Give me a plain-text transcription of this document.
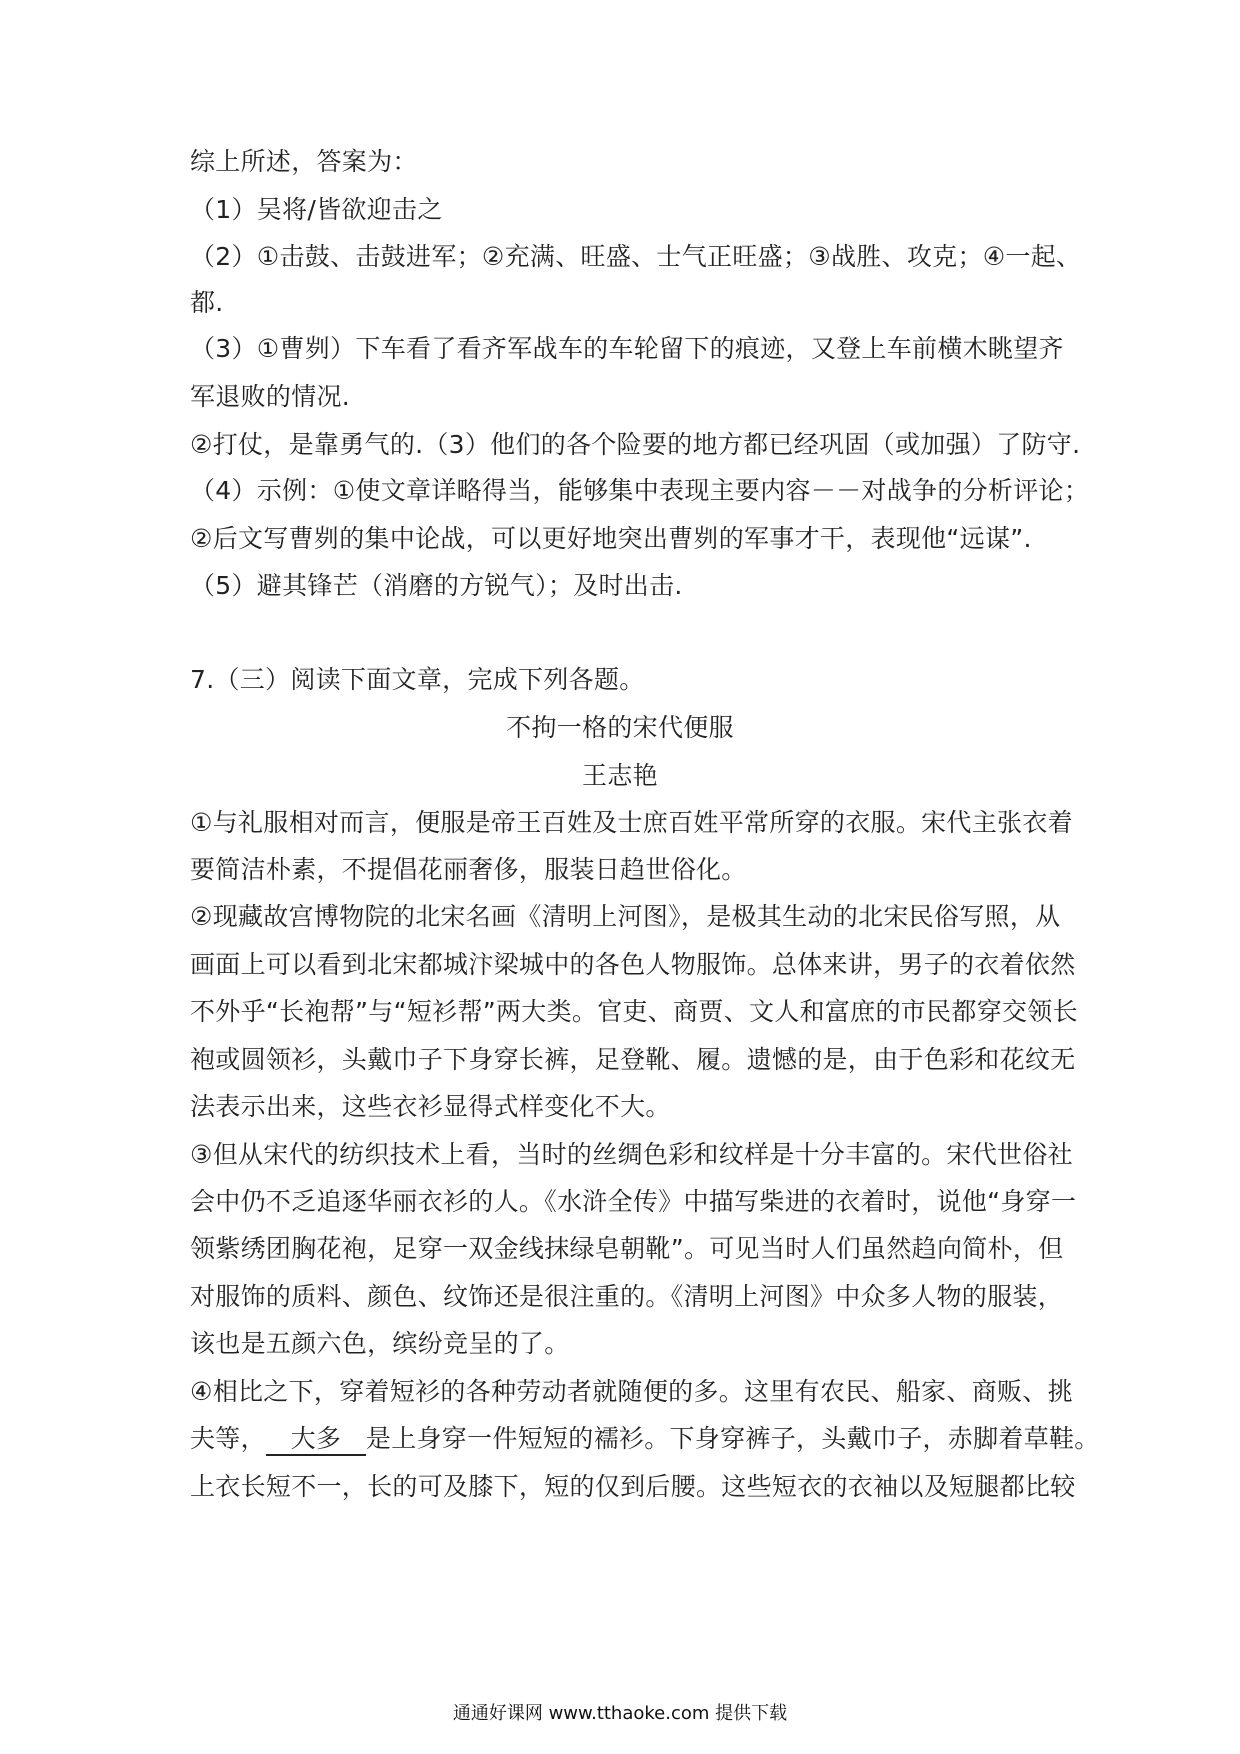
综上所述，答案为：
（1）吴将/皆欲迎击之
（2）①击鼓、击鼓进军；②充满、旺盛、士气正旺盛；③战胜、攻克；④一起、
都.
（3）①曹刿）下车看了看齐军战车的车轮留下的痕迹，又登上车前横木眺望齐
军退败的情况.
②打仗，是靠勇气的.（3）他们的各个险要的地方都已经巩固（或加强）了防守.
（4）示例：①使文章详略得当，能够集中表现主要内容－－对战争的分析评论；
②后文写曹刿的集中论战，可以更好地突出曹刿的军事才干，表现他“远谋”.
（5）避其锋芒（消磨的方锐气）；及时出击.
7.（三）阅读下面文章，完成下列各题。
不拘一格的宋代便服
王志艳
①与礼服相对而言，便服是帝王百姓及士庶百姓平常所穿的衣服。宋代主张衣着
要简洁朴素，不提倡花丽奢侈，服装日趋世俗化。
②现藏故宫博物院的北宋名画《清明上河图》，是极其生动的北宋民俗写照，从
画面上可以看到北宋都城汴梁城中的各色人物服饰。总体来讲，男子的衣着依然
不外乎“长袍帮”与“短衫帮”两大类。官吏、商贾、文人和富庶的市民都穿交领长
袍或圆领衫，头戴巾子下身穿长裤，足登靴、履。遗憾的是，由于色彩和花纹无
法表示出来，这些衣衫显得式样变化不大。
③但从宋代的纺织技术上看，当时的丝绸色彩和纹样是十分丰富的。宋代世俗社
会中仍不乏追逐华丽衣衫的人。《水浒全传》中描写柴进的衣着时，说他“身穿一
领紫绣团胸花袍，足穿一双金线抹绿皂朝靴”。可见当时人们虽然趋向简朴，但
对服饰的质料、颜色、纹饰还是很注重的。《清明上河图》中众多人物的服装，
该也是五颜六色，缤纷竞呈的了。
④相比之下，穿着短衫的各种劳动者就随便的多。这里有农民、船家、商贩、挑
夫等， 大多 是上身穿一件短短的襦衫。下身穿裤子，头戴巾子，赤脚着草鞋。
上衣长短不一，长的可及膝下，短的仅到后腰。这些短衣的衣袖以及短腿都比较
通通好课网 www.tthaoke.com 提供下载
